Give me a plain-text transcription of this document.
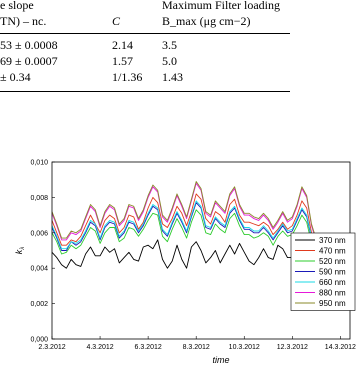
e slope	Maximum Filter loading
TN) – nc.	C	B_max (μg cm−2)
53 ± 0.0008	2.14 3.5
69 ± 0.0007	1.57 5.0
± 0.34	1/1.36 1.43
0,000
0,002
0,004
0,006
0,008
0,010
2.3.2012	4.3.2012	6.3.2012	8.3.2012	10.3.2012 12.3.2012 14.3.2012
$k_\lambda$
time
370 nm
470 nm
520 nm
590 nm
660 nm
880 nm
950 nm
